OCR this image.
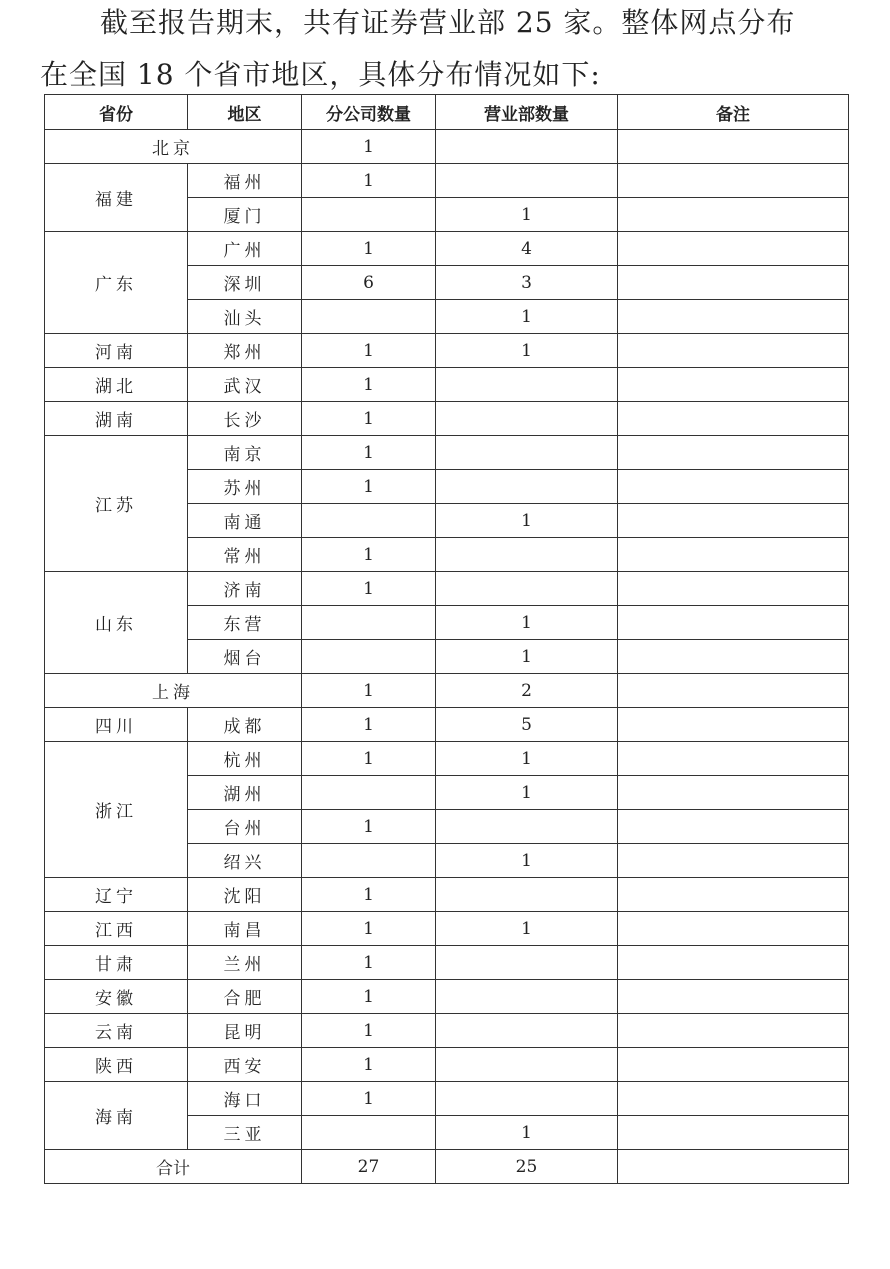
截至报告期末，共有证券营业部 25 家。整体网点分布

在全国 18 个省市地区，具体分布情况如下:

省份	地区	分公司数量	营业部数量	备注
北京		1		
福建	福州	1		
	厦门		1	
广东	广州	1	4	
	深圳	6	3	
	汕头		1	
河南	郑州	1	1	
湖北	武汉	1		
湖南	长沙	1		
江苏	南京	1		
	苏州	1		
	南通		1	
	常州	1		
山东	济南	1		
	东营		1	
	烟台		1	
上海		1	2	
四川	成都	1	5	
浙江	杭州	1	1	
	湖州		1	
	台州	1		
	绍兴		1	
辽宁	沈阳	1		
江西	南昌	1	1	
甘肃	兰州	1		
安徽	合肥	1		
云南	昆明	1		
陕西	西安	1		
海南	海口	1		
	三亚		1	
合计		27	25	
